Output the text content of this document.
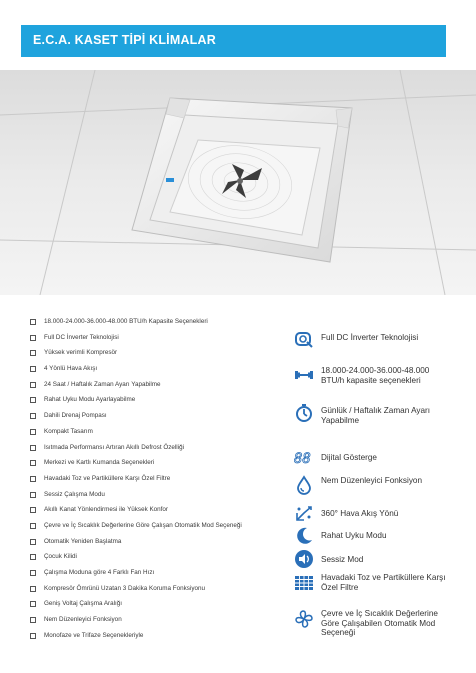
E.C.A. KASET TİPİ KLİMALAR
18.000-24.000-36.000-48.000 BTU/h Kapasite Seçenekleri
Full DC İnverter Teknolojisi
Yüksek verimli Kompresör
4 Yönlü Hava Akışı
24 Saat / Haftalık Zaman Ayarı Yapabilme
Rahat Uyku Modu Ayarlayabilme
Dahili Drenaj Pompası
Kompakt Tasarım
Isıtmada Performansı Artıran Akıllı Defrost Özelliği
Merkezi ve Kartlı Kumanda Seçenekleri
Havadaki Toz ve Partiküllere Karşı Özel Filtre
Sessiz Çalışma Modu
Akıllı Kanat Yönlendirmesi ile Yüksek Konfor
Çevre ve İç Sıcaklık Değerlerine Göre Çalışan Otomatik Mod Seçeneği
Otomatik Yeniden Başlatma
Çocuk Kilidi
Çalışma Moduna göre 4 Farklı Fan Hızı
Kompresör Ömrünü Uzatan 3 Dakika Koruma Fonksiyonu
Geniş Voltaj Çalışma Aralığı
Nem Düzenleyici Fonksiyon
Monofaze ve Trifaze Seçenekleriyle
Full DC İnverter Teknolojisi
18.000-24.000-36.000-48.000 BTU/h kapasite seçenekleri
Günlük / Haftalık Zaman Ayarı Yapabilme
88 Dijital Gösterge
Nem Düzenleyici Fonksiyon
360° Hava Akış Yönü
Rahat Uyku Modu
Sessiz Mod
Havadaki Toz ve Partiküllere Karşı Özel Filtre
Çevre ve İç Sıcaklık Değerlerine Göre Çalışabilen Otomatik Mod Seçeneği
